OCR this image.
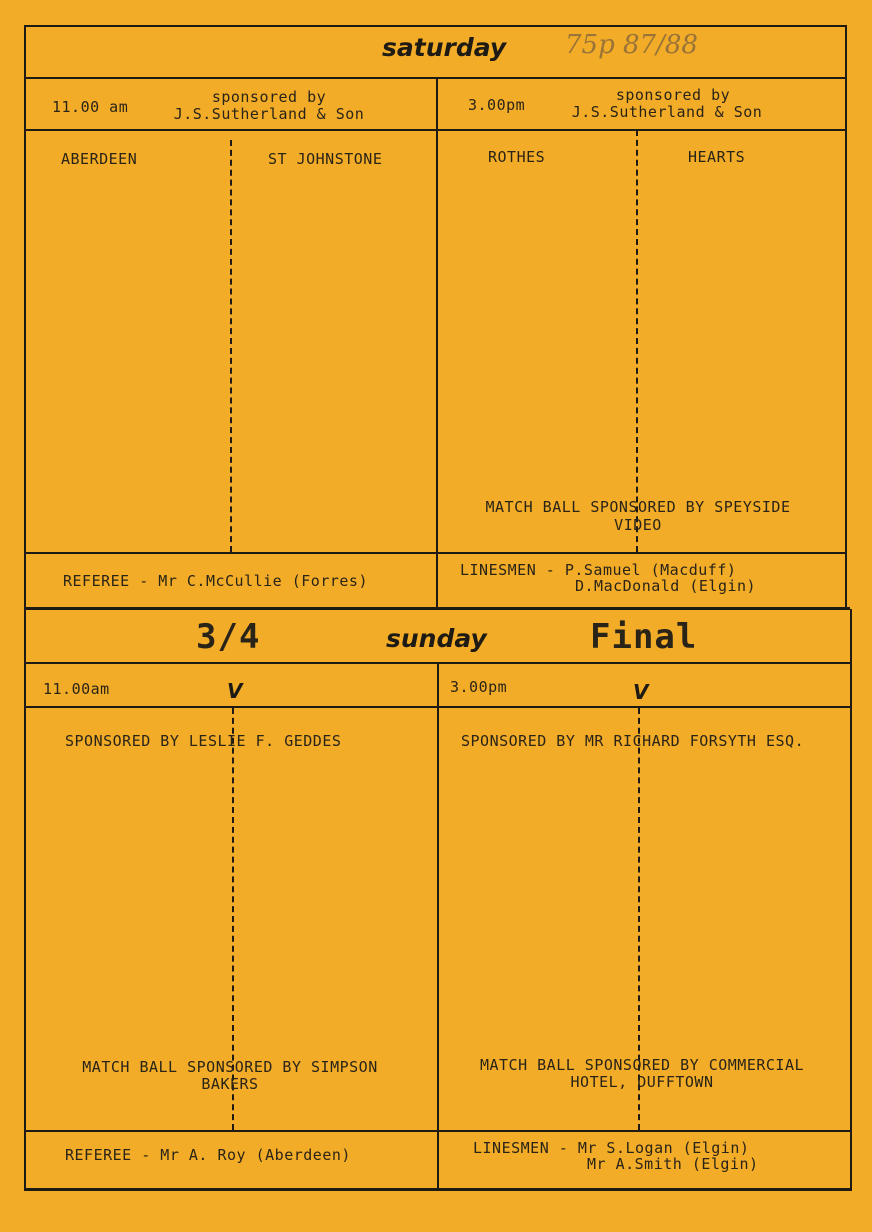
saturday 75p 87/88
11.00 am
sponsored by
J.S.Sutherland & Son	3.00pm
sponsored by
J.S.Sutherland & Son
ABERDEEN	ST JOHNSTONE	ROTHES	HEARTS
MATCH BALL SPONSORED BY SPEYSIDE
VIDEO
REFEREE - Mr C.McCullie (Forres)
LINESMEN - P.Samuel (Macduff)
D.MacDonald (Elgin)
3/4	sunday	Final
11.00am	V	3.00pm	V
SPONSORED BY LESLIE F. GEDDES	SPONSORED BY MR RICHARD FORSYTH ESQ.
MATCH BALL SPONSORED BY SIMPSON
BAKERS
MATCH BALL SPONSORED BY COMMERCIAL
HOTEL, DUFFTOWN
REFEREE - Mr A. Roy (Aberdeen)	LINESMEN - Mr S.Logan (Elgin)
Mr A.Smith (Elgin)
